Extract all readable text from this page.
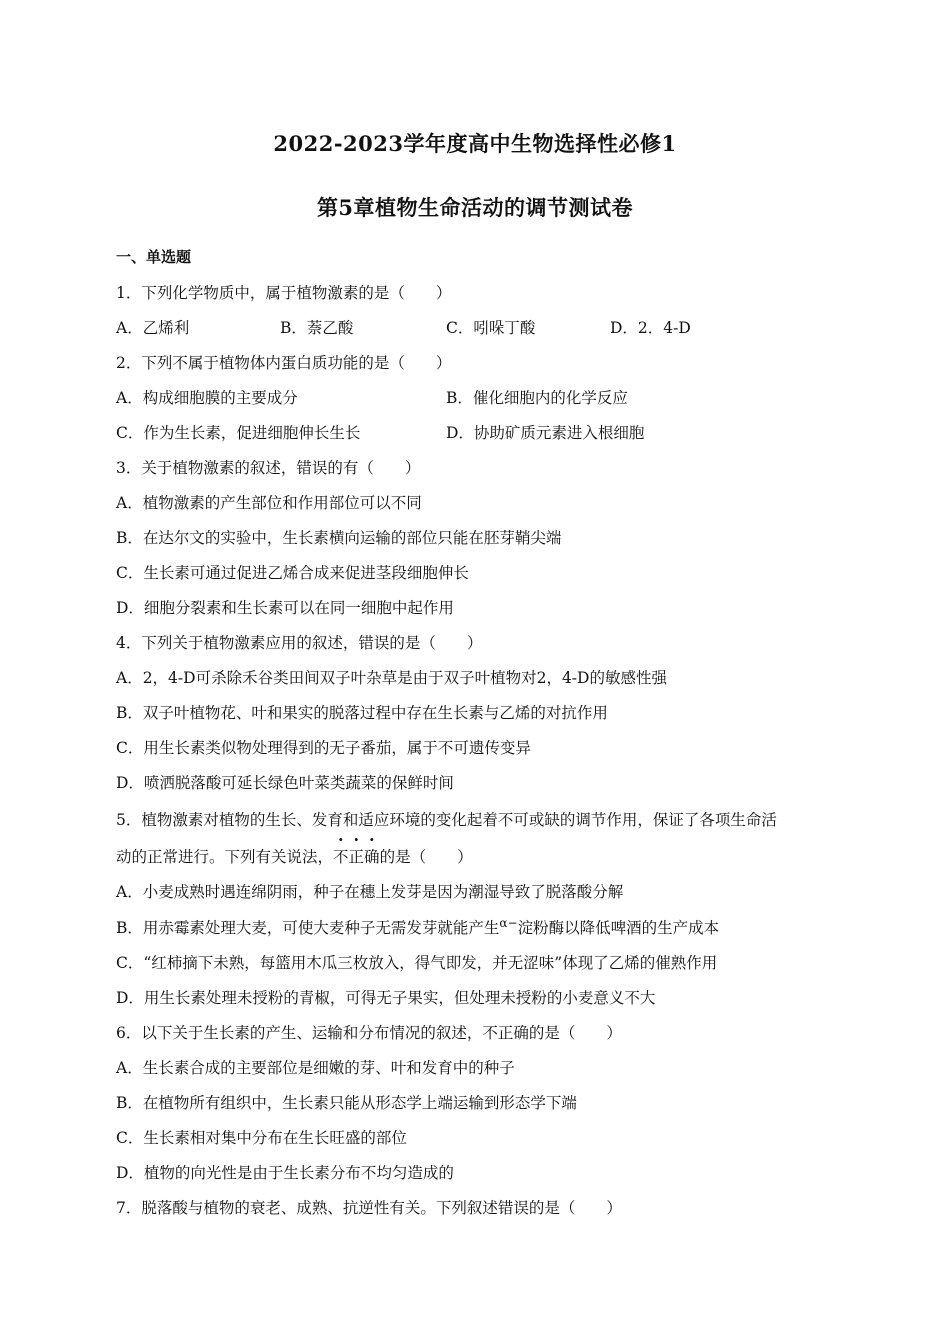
2022-2023学年度高中生物选择性必修1
第5章植物生命活动的调节测试卷
一、单选题
1．下列化学物质中，属于植物激素的是（　　）
A．乙烯利	B．萘乙酸	C．吲哚丁酸	D．2．4-D
2．下列不属于植物体内蛋白质功能的是（　　）
A．构成细胞膜的主要成分	B．催化细胞内的化学反应
C．作为生长素，促进细胞伸长生长	D．协助矿质元素进入根细胞
3．关于植物激素的叙述，错误的有（　　）
A．植物激素的产生部位和作用部位可以不同
B．在达尔文的实验中，生长素横向运输的部位只能在胚芽鞘尖端
C．生长素可通过促进乙烯合成来促进茎段细胞伸长
D．细胞分裂素和生长素可以在同一细胞中起作用
4．下列关于植物激素应用的叙述，错误的是（　　）
A．2，4-D可杀除禾谷类田间双子叶杂草是由于双子叶植物对2，4-D的敏感性强
B．双子叶植物花、叶和果实的脱落过程中存在生长素与乙烯的对抗作用
C．用生长素类似物处理得到的无子番茄，属于不可遗传变异
D．喷洒脱落酸可延长绿色叶菜类蔬菜的保鲜时间
5．植物激素对植物的生长、发育和适应环境的变化起着不可或缺的调节作用，保证了各项生命活
动的正常进行。下列有关说法，不正确的是（　　）
A．小麦成熟时遇连绵阴雨，种子在穗上发芽是因为潮湿导致了脱落酸分解
B．用赤霉素处理大麦，可使大麦种子无需发芽就能产生$^{\alpha-}$淀粉酶以降低啤酒的生产成本
C．“红柿摘下未熟，每篮用木瓜三枚放入，得气即发，并无涩味”体现了乙烯的催熟作用
D．用生长素处理未授粉的青椒，可得无子果实，但处理未授粉的小麦意义不大
6．以下关于生长素的产生、运输和分布情况的叙述，不正确的是（　　）
A．生长素合成的主要部位是细嫩的芽、叶和发育中的种子
B．在植物所有组织中，生长素只能从形态学上端运输到形态学下端
C．生长素相对集中分布在生长旺盛的部位
D．植物的向光性是由于生长素分布不均匀造成的
7．脱落酸与植物的衰老、成熟、抗逆性有关。下列叙述错误的是（　　）
